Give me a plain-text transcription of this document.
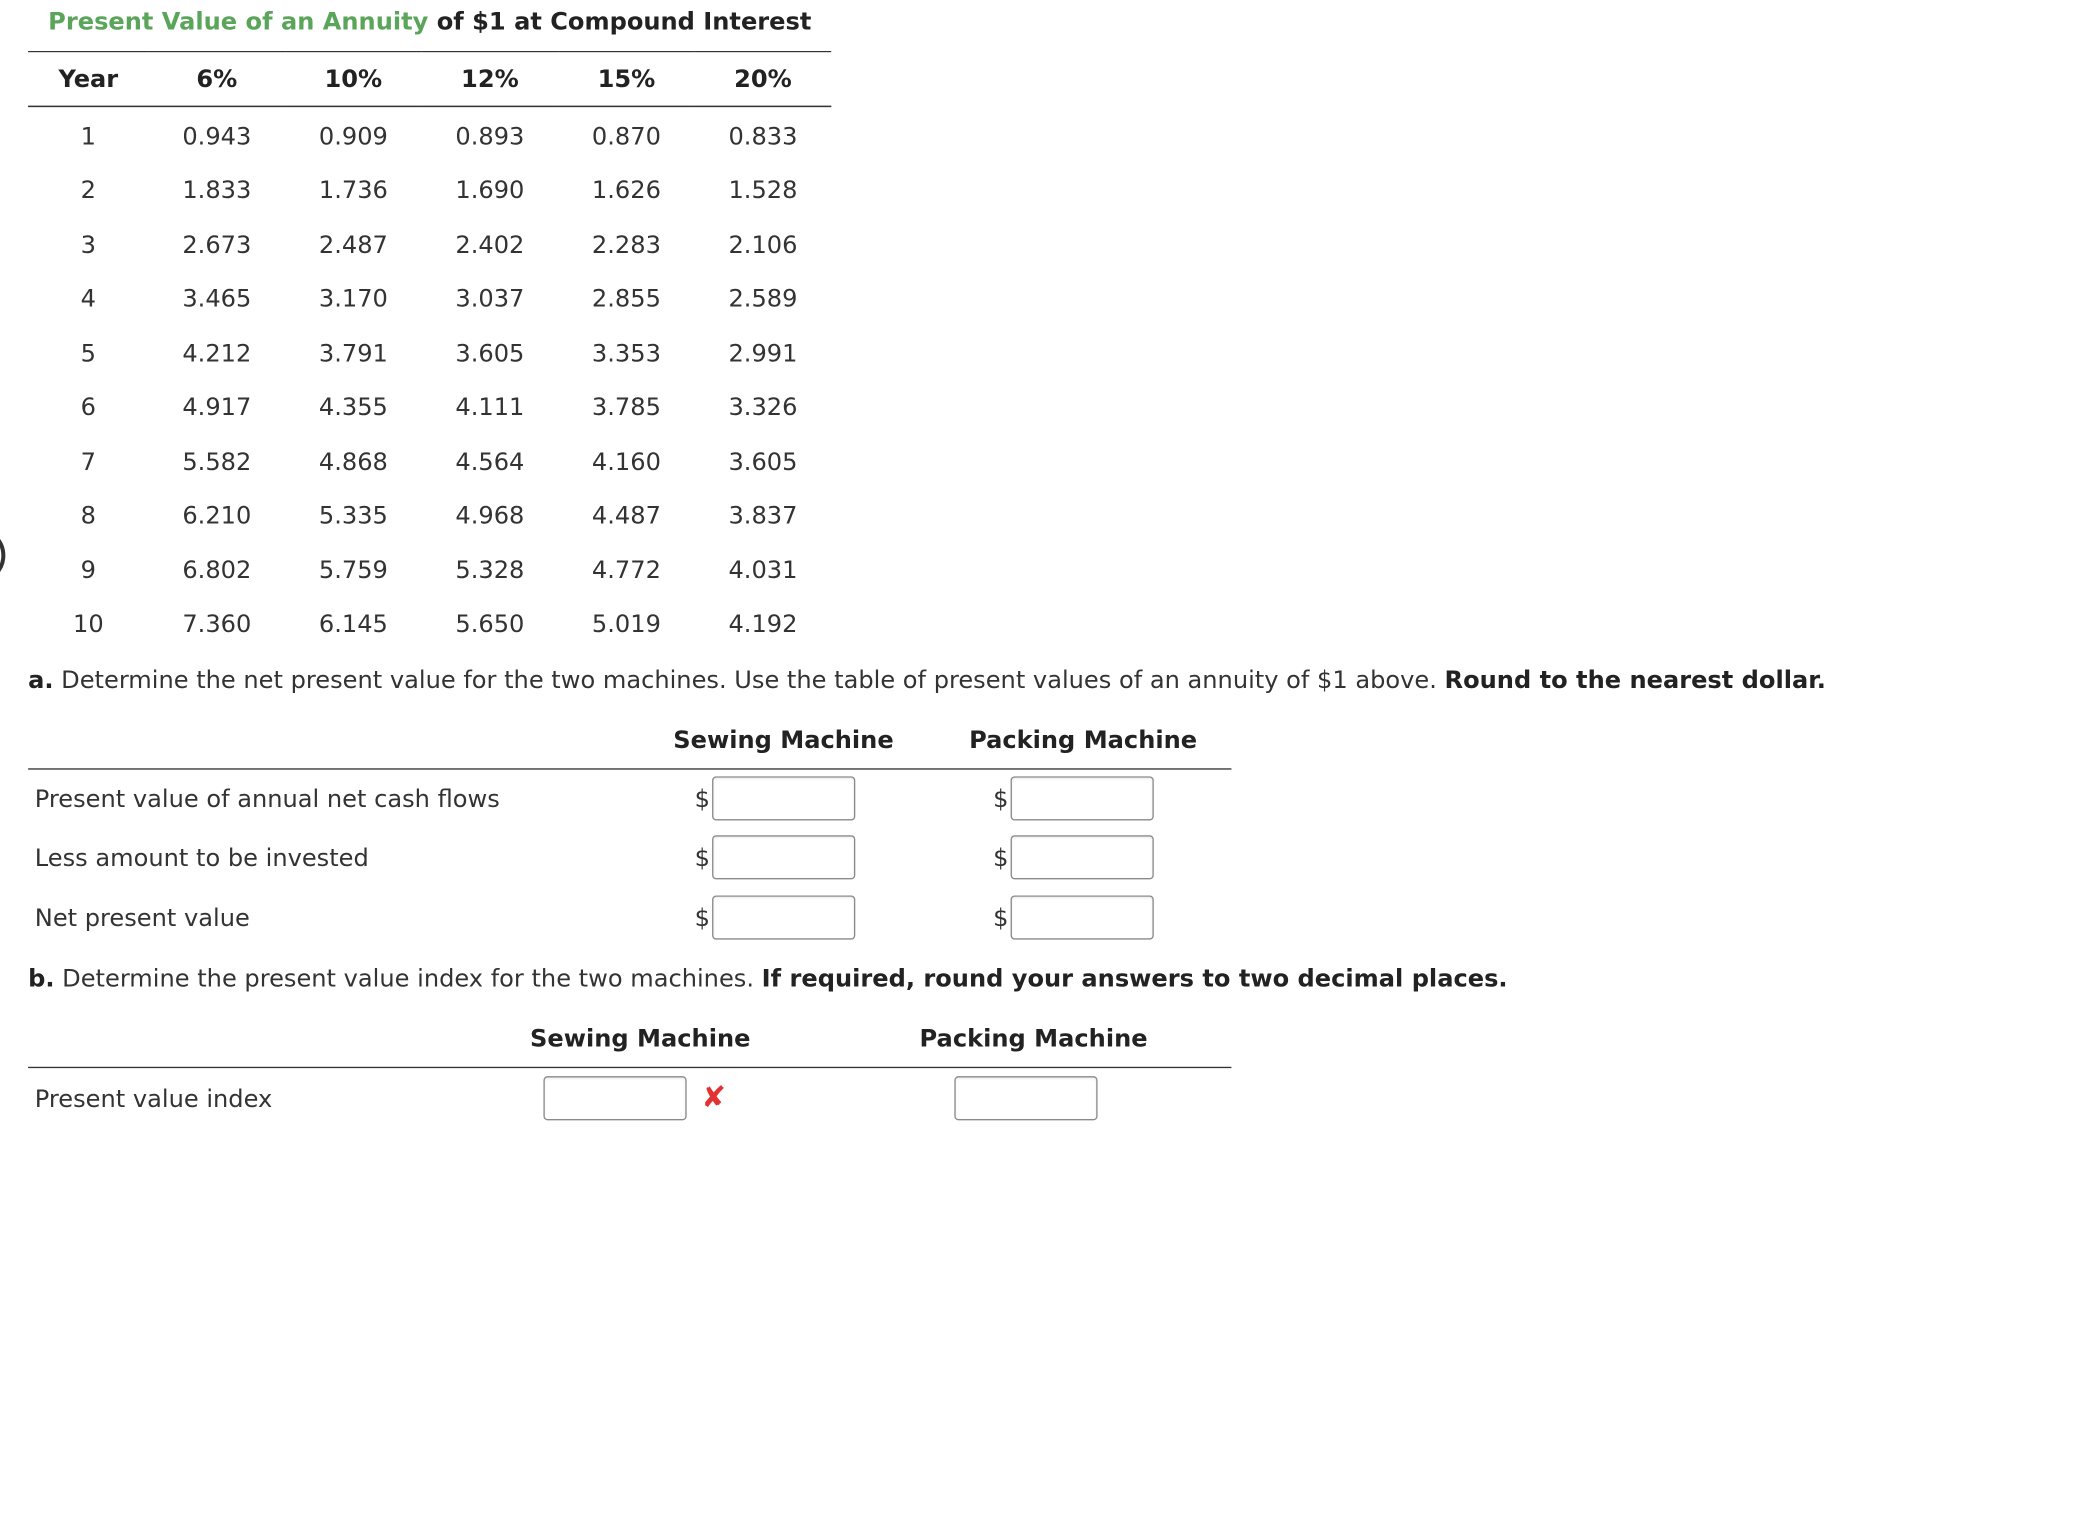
Present Value of an Annuity of $1 at Compound Interest
Year	6%	10%	12%	15%	20%
1	0.943	0.909	0.893	0.870	0.833
2	1.833	1.736	1.690	1.626	1.528
3	2.673	2.487	2.402	2.283	2.106
4	3.465	3.170	3.037	2.855	2.589
5	4.212	3.791	3.605	3.353	2.991
6	4.917	4.355	4.111	3.785	3.326
7	5.582	4.868	4.564	4.160	3.605
8	6.210	5.335	4.968	4.487	3.837
9	6.802	5.759	5.328	4.772	4.031
10	7.360	6.145	5.650	5.019	4.192
a. Determine the net present value for the two machines. Use the table of present values of an annuity of $1 above. Round to the nearest dollar.
Sewing Machine	Packing Machine
Present value of annual net cash flows	$	$
Less amount to be invested	$	$
Net present value	$	$
b. Determine the present value index for the two machines. If required, round your answers to two decimal places.
Sewing Machine	Packing Machine
Present value index	✘
